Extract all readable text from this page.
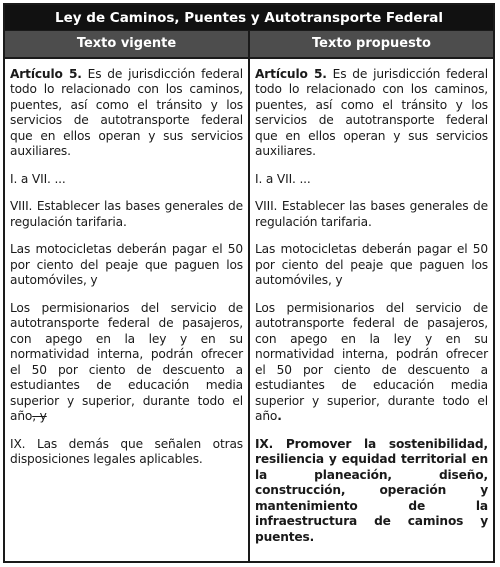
Ley de Caminos, Puentes y Autotransporte Federal
Texto vigente	Texto propuesto

Artículo 5. Es de jurisdicción federal todo lo relacionado con los caminos, puentes, así como el tránsito y los servicios de autotransporte federal que en ellos operan y sus servicios auxiliares.

I. a VII. ...

VIII. Establecer las bases generales de regulación tarifaria.

Las motocicletas deberán pagar el 50 por ciento del peaje que paguen los automóviles, y

Los permisionarios del servicio de autotransporte federal de pasajeros, con apego en la ley y en su normatividad interna, podrán ofrecer el 50 por ciento de descuento a estudiantes de educación media superior y superior, durante todo el año, y

IX. Las demás que señalen otras disposiciones legales aplicables.

Artículo 5. Es de jurisdicción federal todo lo relacionado con los caminos, puentes, así como el tránsito y los servicios de autotransporte federal que en ellos operan y sus servicios auxiliares.

I. a VII. ...

VIII. Establecer las bases generales de regulación tarifaria.

Las motocicletas deberán pagar el 50 por ciento del peaje que paguen los automóviles, y

Los permisionarios del servicio de autotransporte federal de pasajeros, con apego en la ley y en su normatividad interna, podrán ofrecer el 50 por ciento de descuento a estudiantes de educación media superior y superior, durante todo el año.

IX. Promover la sostenibilidad, resiliencia y equidad territorial en la planeación, diseño, construcción, operación y mantenimiento de la infraestructura de caminos y puentes.
